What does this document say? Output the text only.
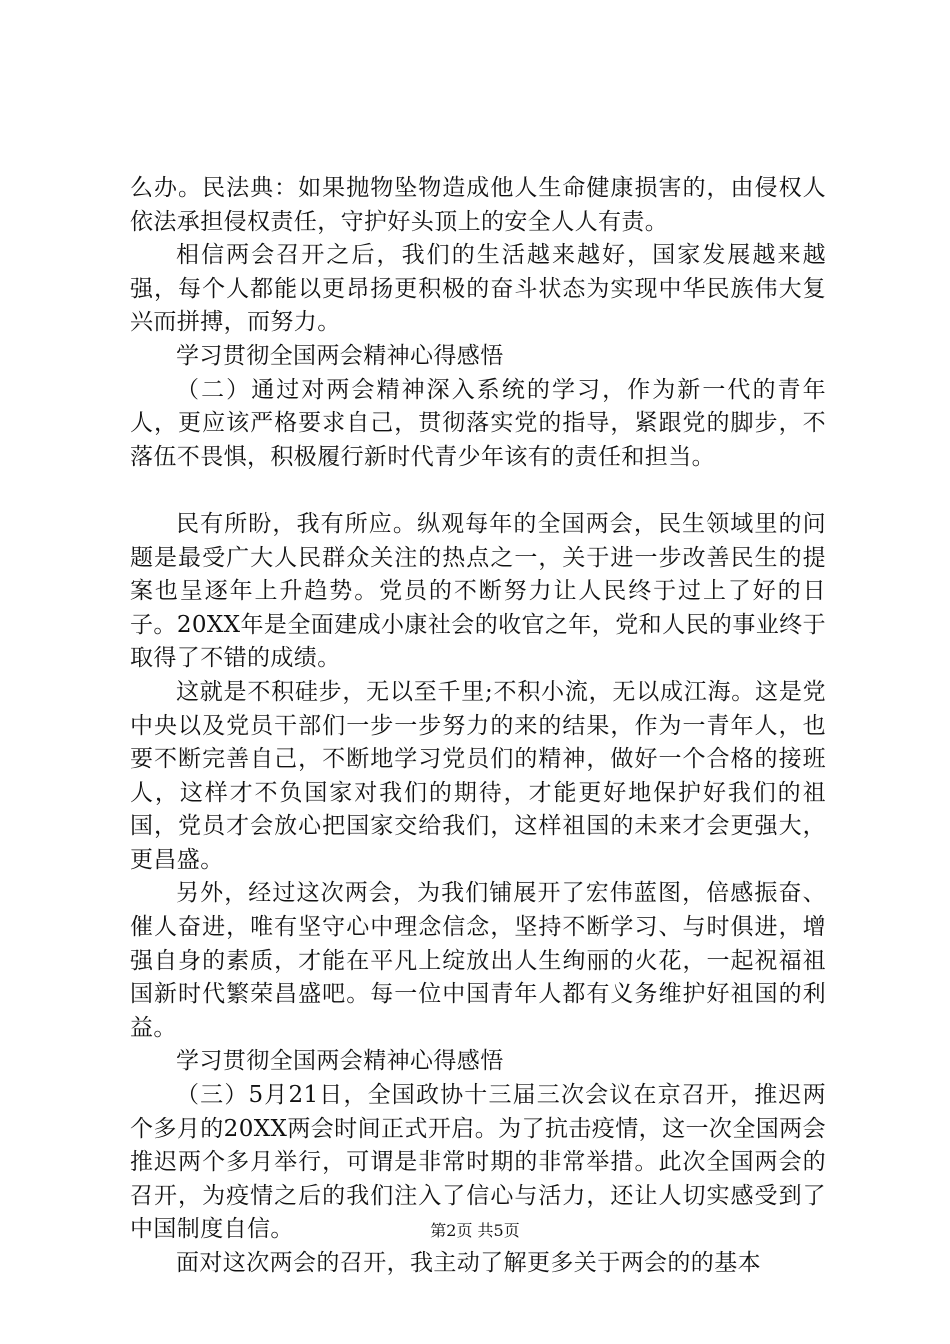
么办。民法典：如果抛物坠物造成他人生命健康损害的，由侵权人依法承担侵权责任，守护好头顶上的安全人人有责。

相信两会召开之后，我们的生活越来越好，国家发展越来越强，每个人都能以更昂扬更积极的奋斗状态为实现中华民族伟大复兴而拼搏，而努力。

学习贯彻全国两会精神心得感悟

（二）通过对两会精神深入系统的学习，作为新一代的青年人，更应该严格要求自己，贯彻落实党的指导，紧跟党的脚步，不落伍不畏惧，积极履行新时代青少年该有的责任和担当。

民有所盼，我有所应。纵观每年的全国两会，民生领域里的问题是最受广大人民群众关注的热点之一，关于进一步改善民生的提案也呈逐年上升趋势。党员的不断努力让人民终于过上了好的日子。20XX年是全面建成小康社会的收官之年，党和人民的事业终于取得了不错的成绩。

这就是不积硅步，无以至千里;不积小流，无以成江海。这是党中央以及党员干部们一步一步努力的来的结果，作为一青年人，也要不断完善自己，不断地学习党员们的精神，做好一个合格的接班人，这样才不负国家对我们的期待，才能更好地保护好我们的祖国，党员才会放心把国家交给我们，这样祖国的未来才会更强大，更昌盛。

另外，经过这次两会，为我们铺展开了宏伟蓝图，倍感振奋、催人奋进，唯有坚守心中理念信念，坚持不断学习、与时俱进，增强自身的素质，才能在平凡上绽放出人生绚丽的火花，一起祝福祖国新时代繁荣昌盛吧。每一位中国青年人都有义务维护好祖国的利益。

学习贯彻全国两会精神心得感悟

（三）5月21日，全国政协十三届三次会议在京召开，推迟两个多月的20XX两会时间正式开启。为了抗击疫情，这一次全国两会推迟两个多月举行，可谓是非常时期的非常举措。此次全国两会的召开，为疫情之后的我们注入了信心与活力，还让人切实感受到了中国制度自信。

面对这次两会的召开，我主动了解更多关于两会的的基本

第2页 共5页
